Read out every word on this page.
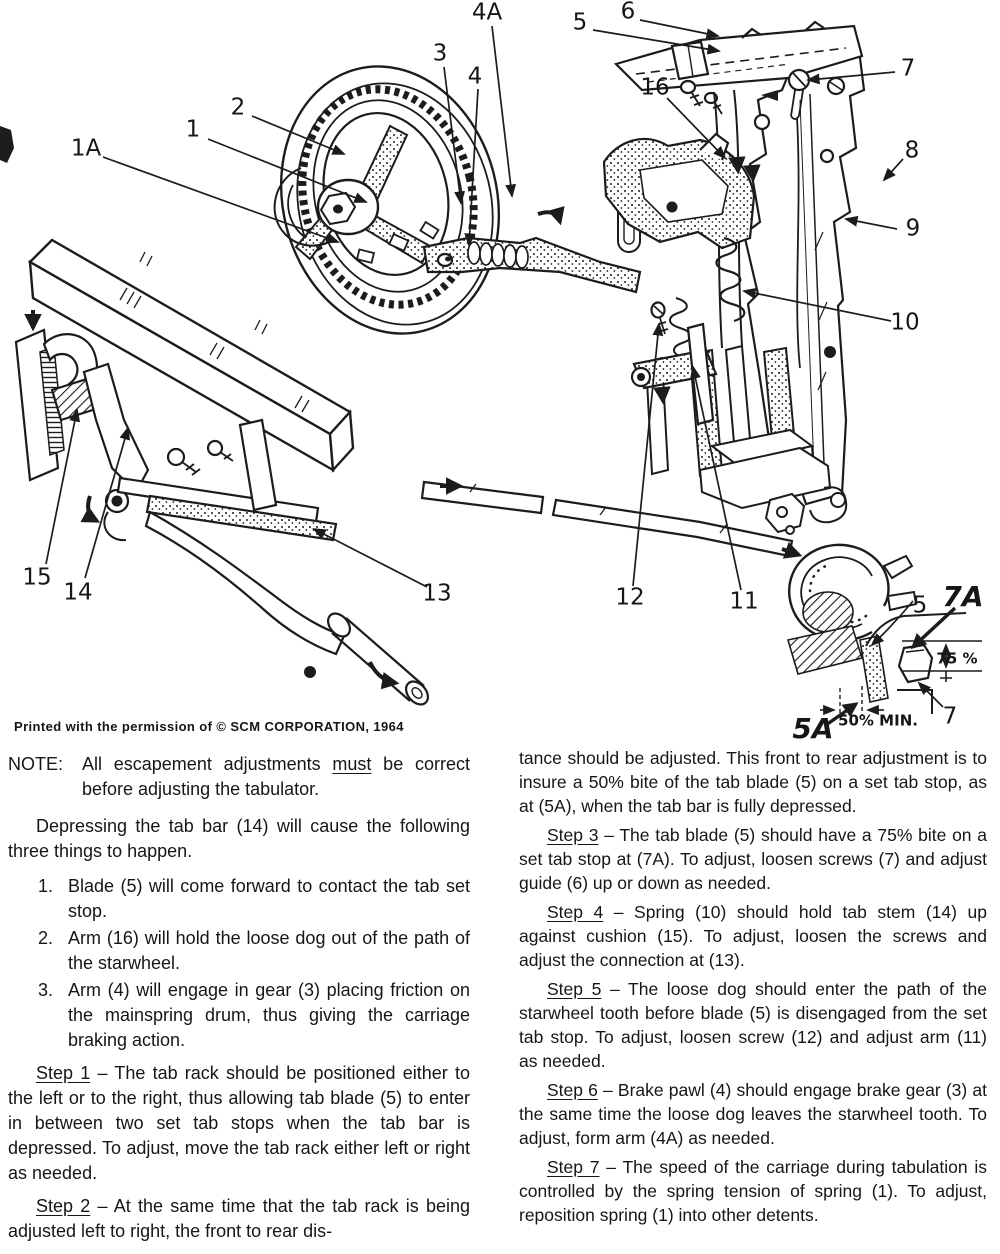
1A
1
2
3
4
4A	5 6
7
16
8
9
10
15
14	13	12	11	5 7A
75 %
7
5A 50% MIN.
Printed with the permission of © SCM CORPORATION, 1964

NOTE:	All escapement adjustments must be correct before adjusting the tabulator.

Depressing the tab bar (14) will cause the following three things to happen.

1. Blade (5) will come forward to contact the tab set stop.
2. Arm (16) will hold the loose dog out of the path of the starwheel.
3. Arm (4) will engage in gear (3) placing friction on the mainspring drum, thus giving the carriage braking action.

Step 1 – The tab rack should be positioned either to the left or to the right, thus allowing tab blade (5) to enter in between two set tab stops when the tab bar is depressed. To adjust, move the tab rack either left or right as needed.

Step 2 – At the same time that the tab rack is being adjusted left to right, the front to rear dis-

tance should be adjusted. This front to rear adjustment is to insure a 50% bite of the tab blade (5) on a set tab stop, as at (5A), when the tab bar is fully depressed.

Step 3 – The tab blade (5) should have a 75% bite on a set tab stop at (7A). To adjust, loosen screws (7) and adjust guide (6) up or down as needed.

Step 4 – Spring (10) should hold tab stem (14) up against cushion (15). To adjust, loosen the screws and adjust the connection at (13).

Step 5 – The loose dog should enter the path of the starwheel tooth before blade (5) is disengaged from the set tab stop. To adjust, loosen screw (12) and adjust arm (11) as needed.

Step 6 – Brake pawl (4) should engage brake gear (3) at the same time the loose dog leaves the starwheel tooth. To adjust, form arm (4A) as needed.

Step 7 – The speed of the carriage during tabulation is controlled by the spring tension of spring (1). To adjust, reposition spring (1) into other detents.
